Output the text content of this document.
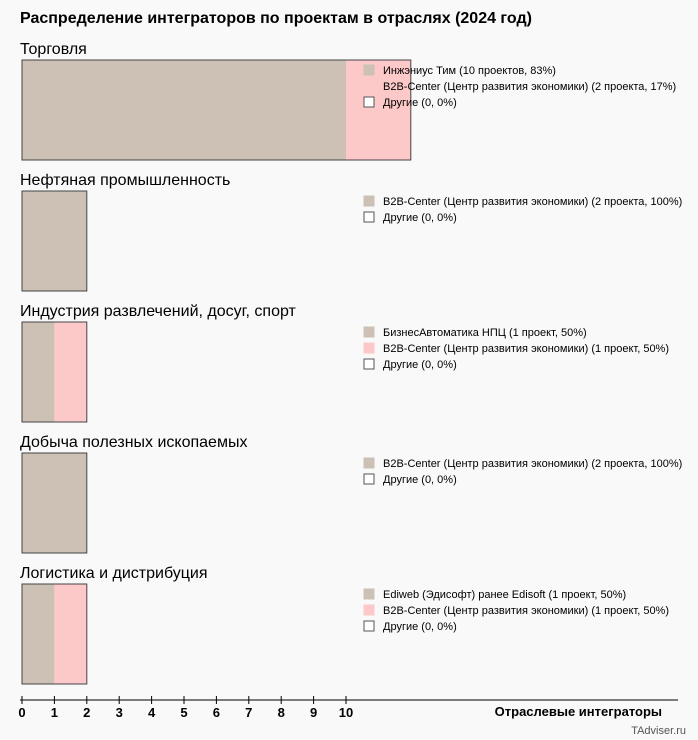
Распределение интеграторов по проектам в отраслях (2024 год)
Торговля
Инжэниус Тим (10 проектов, 83%)
B2B-Center (Центр развития экономики) (2 проекта, 17%)
Другие (0, 0%)
Нефтяная промышленность
B2B-Center (Центр развития экономики) (2 проекта, 100%)
Другие (0, 0%)
Индустрия развлечений, досуг, спорт
БизнесАвтоматика НПЦ (1 проект, 50%)
B2B-Center (Центр развития экономики) (1 проект, 50%)
Другие (0, 0%)
Добыча полезных ископаемых
B2B-Center (Центр развития экономики) (2 проекта, 100%)
Другие (0, 0%)
Логистика и дистрибуция
Ediweb (Эдисофт) ранее Edisoft (1 проект, 50%)
B2B-Center (Центр развития экономики) (1 проект, 50%)
Другие (0, 0%)
0 1 2 3 4 5 6 7 8 9 10	Отраслевые интеграторы
TAdviser.ru
